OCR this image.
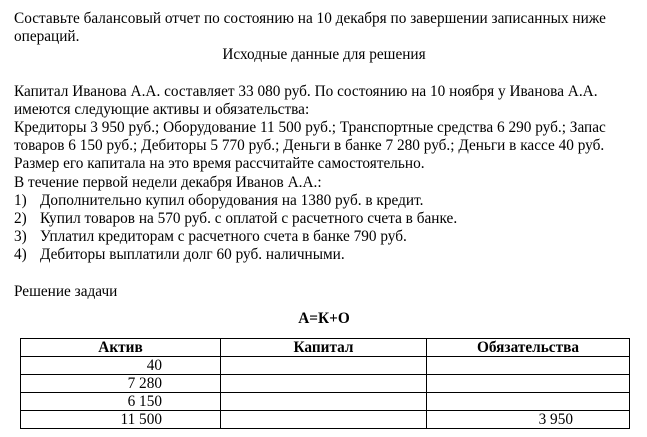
Составьте балансовый отчет по состоянию на 10 декабря по завершении записанных ниже

операций.

Исходные данные для решения

Капитал Иванова А.А. составляет 33 080 руб. По состоянию на 10 ноября у Иванова А.А.

имеются следующие активы и обязательства:

Кредиторы 3 950 руб.; Оборудование 11 500 руб.; Транспортные средства 6 290 руб.; Запас

товаров 6 150 руб.; Дебиторы 5 770 руб.; Деньги в банке 7 280 руб.; Деньги в кассе 40 руб.

Размер его капитала на это время рассчитайте самостоятельно.

В течение первой недели декабря Иванов А.А.:

1) Дополнительно купил оборудования на 1380 руб. в кредит.
2) Купил товаров на 570 руб. с оплатой с расчетного счета в банке.
3) Уплатил кредиторам с расчетного счета в банке 790 руб.
4) Дебиторы выплатили долг 60 руб. наличными.

Решение задачи

А=К+О

Актив	Капитал	Обязательства
40		
7 280		
6 150		
11 500		3 950
